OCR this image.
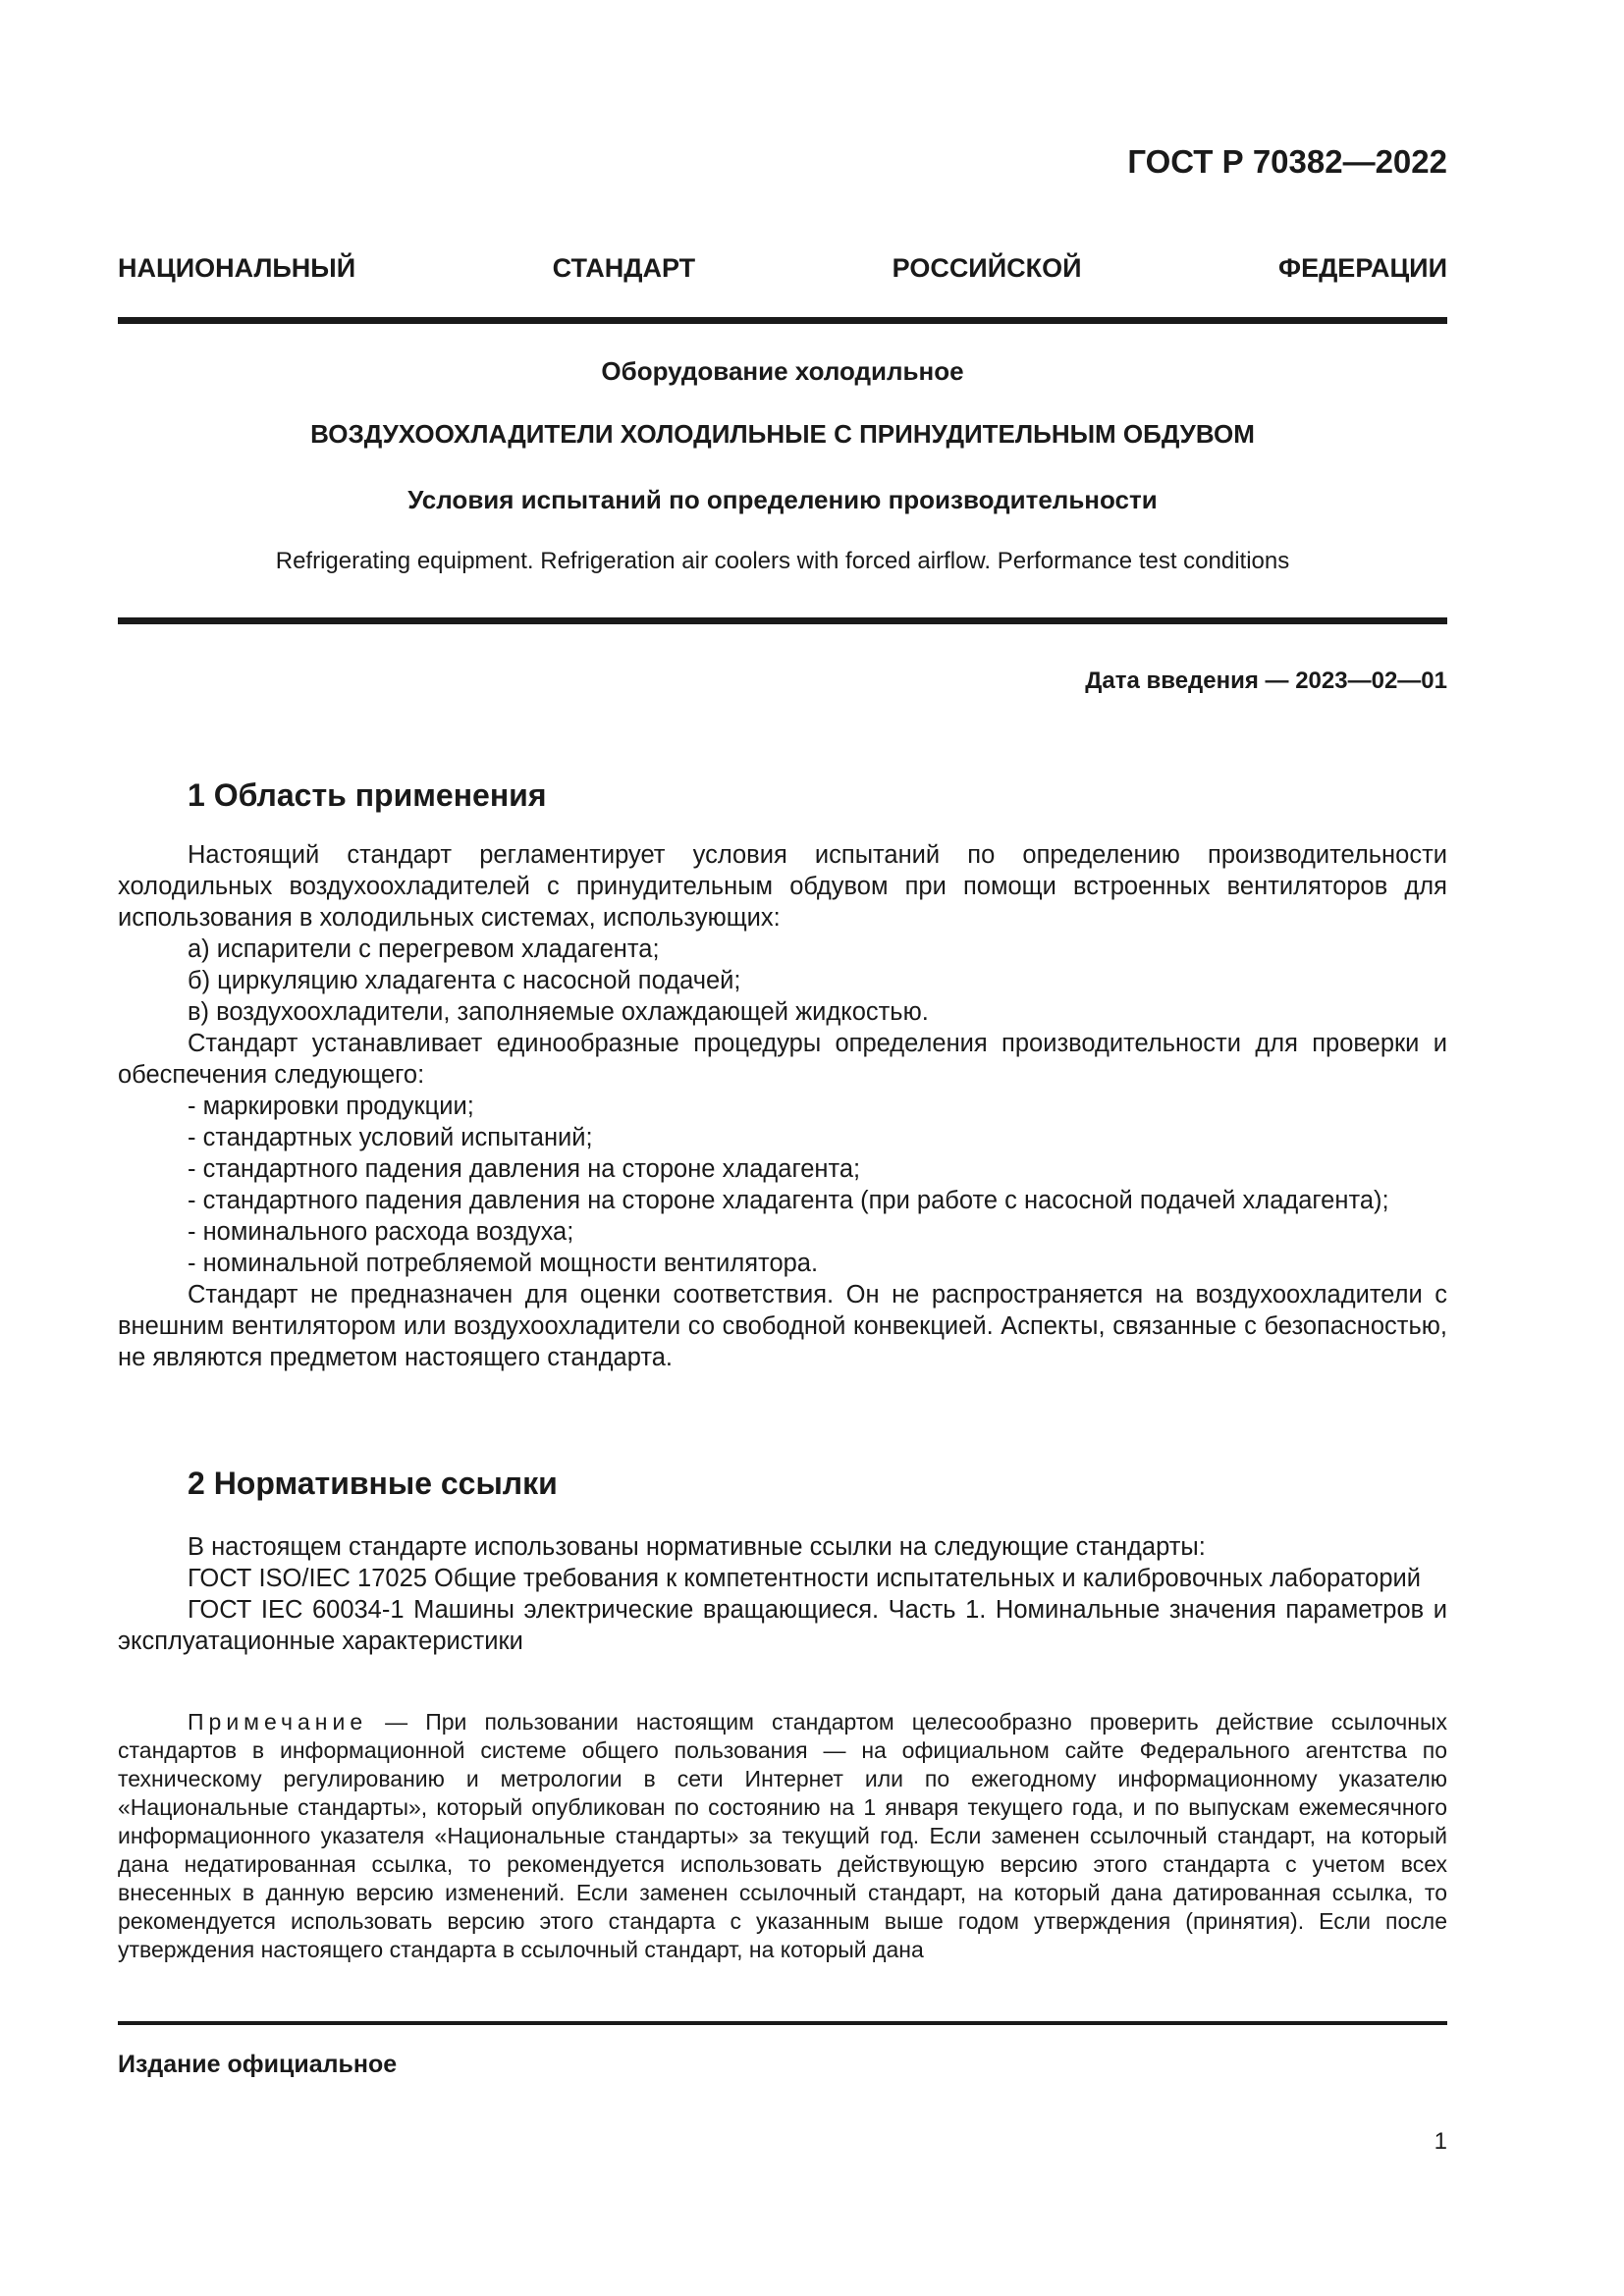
ГОСТ Р 70382—2022
НАЦИОНАЛЬНЫЙ СТАНДАРТ РОССИЙСКОЙ ФЕДЕРАЦИИ
Оборудование холодильное
ВОЗДУХООХЛАДИТЕЛИ ХОЛОДИЛЬНЫЕ С ПРИНУДИТЕЛЬНЫМ ОБДУВОМ
Условия испытаний по определению производительности
Refrigerating equipment. Refrigeration air coolers with forced airflow. Performance test conditions
Дата введения — 2023—02—01
1 Область применения

Настоящий стандарт регламентирует условия испытаний по определению производительности холодильных воздухоохладителей с принудительным обдувом при помощи встроенных вентиляторов для использования в холодильных системах, использующих:

а) испарители с перегревом хладагента;

б) циркуляцию хладагента с насосной подачей;

в) воздухоохладители, заполняемые охлаждающей жидкостью.

Стандарт устанавливает единообразные процедуры определения производительности для проверки и обеспечения следующего:

- маркировки продукции;

- стандартных условий испытаний;

- стандартного падения давления на стороне хладагента;

- стандартного падения давления на стороне хладагента (при работе с насосной подачей хладагента);

- номинального расхода воздуха;

- номинальной потребляемой мощности вентилятора.

Стандарт не предназначен для оценки соответствия. Он не распространяется на воздухоохладители с внешним вентилятором или воздухоохладители со свободной конвекцией. Аспекты, связанные с безопасностью, не являются предметом настоящего стандарта.

2 Нормативные ссылки

В настоящем стандарте использованы нормативные ссылки на следующие стандарты:

ГОСТ ISO/IEC 17025 Общие требования к компетентности испытательных и калибровочных лабораторий

ГОСТ IEC 60034-1 Машины электрические вращающиеся. Часть 1. Номинальные значения параметров и эксплуатационные характеристики

Примечание — При пользовании настоящим стандартом целесообразно проверить действие ссылочных стандартов в информационной системе общего пользования — на официальном сайте Федерального агентства по техническому регулированию и метрологии в сети Интернет или по ежегодному информационному указателю «Национальные стандарты», который опубликован по состоянию на 1 января текущего года, и по выпускам ежемесячного информационного указателя «Национальные стандарты» за текущий год. Если заменен ссылочный стандарт, на который дана недатированная ссылка, то рекомендуется использовать действующую версию этого стандарта с учетом всех внесенных в данную версию изменений. Если заменен ссылочный стандарт, на который дана датированная ссылка, то рекомендуется использовать версию этого стандарта с указанным выше годом утверждения (принятия). Если после утверждения настоящего стандарта в ссылочный стандарт, на который дана

Издание официальное
1
